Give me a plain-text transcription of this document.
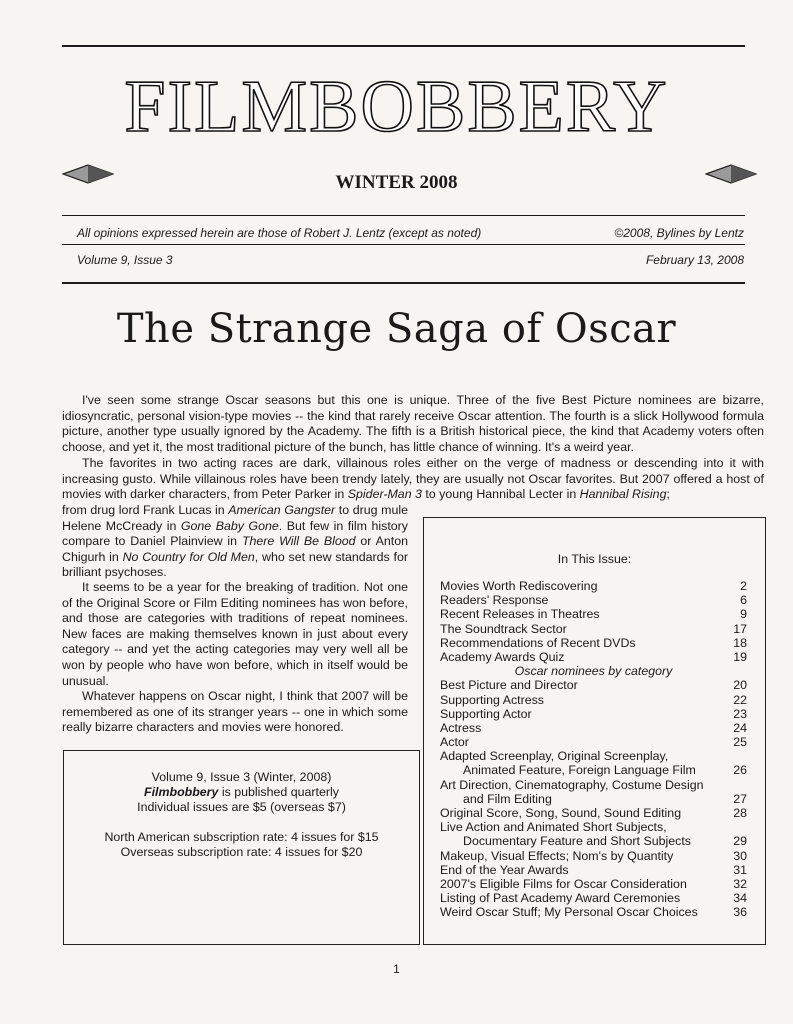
FILMBOBBERY
WINTER 2008
All opinions expressed herein are those of Robert J. Lentz (except as noted)	©2008, Bylines by Lentz
Volume 9, Issue 3	February 13, 2008
The Strange Saga of Oscar

I've seen some strange Oscar seasons but this one is unique. Three of the five Best Picture nominees are bizarre, idiosyncratic, personal vision-type movies -- the kind that rarely receive Oscar attention. The fourth is a slick Hollywood formula picture, another type usually ignored by the Academy. The fifth is a British historical piece, the kind that Academy voters often choose, and yet it, the most traditional picture of the bunch, has little chance of winning. It's a weird year.

The favorites in two acting races are dark, villainous roles either on the verge of madness or descending into it with increasing gusto. While villainous roles have been trendy lately, they are usually not Oscar favorites. But 2007 offered a host of movies with darker characters, from Peter Parker in Spider-Man 3 to young Hannibal Lecter in Hannibal Rising;

from drug lord Frank Lucas in American Gangster to drug mule Helene McCready in Gone Baby Gone. But few in film history compare to Daniel Plainview in There Will Be Blood or Anton Chigurh in No Country for Old Men, who set new standards for brilliant psychoses.

It seems to be a year for the breaking of tradition. Not one of the Original Score or Film Editing nominees has won before, and those are categories with traditions of repeat nominees. New faces are making themselves known in just about every category -- and yet the acting categories may very well all be won by people who have won before, which in itself would be unusual.

Whatever happens on Oscar night, I think that 2007 will be remembered as one of its stranger years -- one in which some really bizarre characters and movies were honored.

In This Issue:
Movies Worth Rediscovering	2
Readers' Response	6
Recent Releases in Theatres	9
The Soundtrack Sector	17
Recommendations of Recent DVDs	18
Academy Awards Quiz	19
Oscar nominees by category
Best Picture and Director	20
Supporting Actress	22
Supporting Actor	23
Actress	24
Actor	25
Adapted Screenplay, Original Screenplay,
Animated Feature, Foreign Language Film	26
Art Direction, Cinematography, Costume Design
and Film Editing	27
Original Score, Song, Sound, Sound Editing	28
Live Action and Animated Short Subjects,
Documentary Feature and Short Subjects	29
Makeup, Visual Effects; Nom's by Quantity	30
End of the Year Awards	31
2007's Eligible Films for Oscar Consideration	32
Listing of Past Academy Award Ceremonies	34
Weird Oscar Stuff; My Personal Oscar Choices	36
Volume 9, Issue 3 (Winter, 2008)
Filmbobbery is published quarterly
Individual issues are $5 (overseas $7)
North American subscription rate: 4 issues for $15
Overseas subscription rate: 4 issues for $20
1
